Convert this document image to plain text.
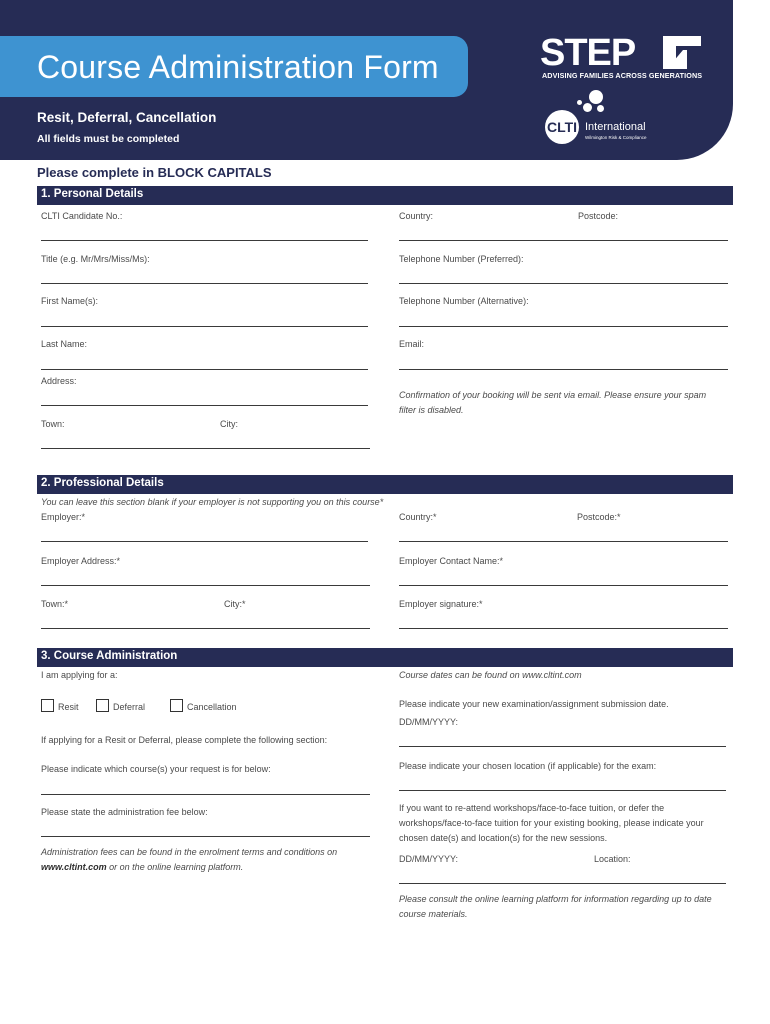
Course Administration Form
Resit, Deferral, Cancellation
All fields must be completed
STEP
ADVISING FAMILIES ACROSS GENERATIONS
CLTI International
Wilmington Risk & Compliance
Please complete in BLOCK CAPITALS
1. Personal Details
CLTI Candidate No.:	Country:	Postcode:
Title (e.g. Mr/Mrs/Miss/Ms):	Telephone Number (Preferred):
First Name(s):	Telephone Number (Alternative):
Last Name:	Email:
Address:
Confirmation of your booking will be sent via email. Please ensure your spam filter is disabled.
Town:	City:
2. Professional Details
You can leave this section blank if your employer is not supporting you on this course*
Employer:*	Country:*	Postcode:*
Employer Address:*	Employer Contact Name:*
Town:*	City:*	Employer signature:*
3. Course Administration
I am applying for a:	Course dates can be found on www.cltint.com
Resit	Deferral	Cancellation	Please indicate your new examination/assignment submission date.
DD/MM/YYYY:
If applying for a Resit or Deferral, please complete the following section:
Please indicate which course(s) your request is for below:	Please indicate your chosen location (if applicable) for the exam:
Please state the administration fee below:	If you want to re-attend workshops/face-to-face tuition, or defer the workshops/face-to-face tuition for your existing booking, please indicate your chosen date(s) and location(s) for the new sessions.
Administration fees can be found in the enrolment terms and conditions on www.cltint.com or on the online learning platform.
DD/MM/YYYY:	Location:
Please consult the online learning platform for information regarding up to date course materials.
